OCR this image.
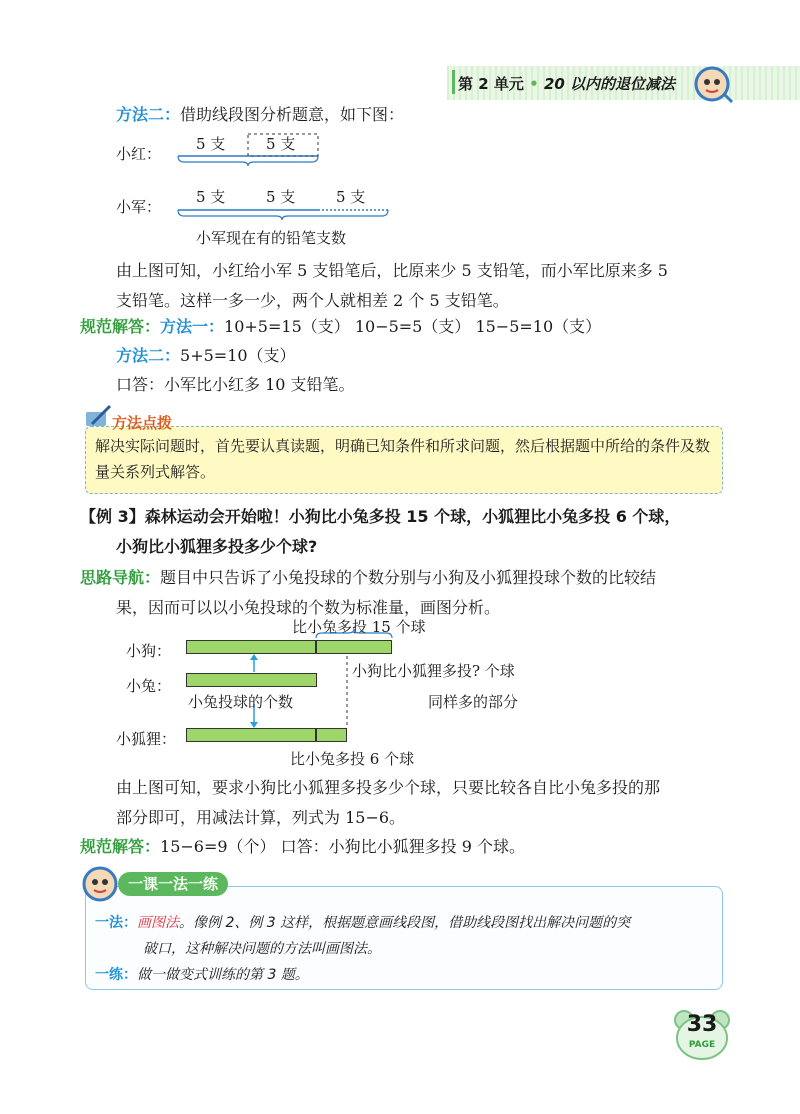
第 2 单元 • 20 以内的退位减法
方法二：借助线段图分析题意，如下图：
小红：
小军：
5 支	5 支
5 支	5 支	5 支
小军现在有的铅笔支数
由上图可知，小红给小军 5 支铅笔后，比原来少 5 支铅笔，而小军比原来多 5
支铅笔。这样一多一少，两个人就相差 2 个 5 支铅笔。
规范解答：方法一：10+5=15（支） 10−5=5（支） 15−5=10（支）
方法二：5+5=10（支）
口答：小军比小红多 10 支铅笔。
方法点拨
解决实际问题时，首先要认真读题，明确已知条件和所求问题，然后根据题中所给的条件及数量关系列式解答。
【例 3】森林运动会开始啦！小狗比小兔多投 15 个球，小狐狸比小兔多投 6 个球，
小狗比小狐狸多投多少个球?
思路导航：题目中只告诉了小兔投球的个数分别与小狗及小狐狸投球个数的比较结
果，因而可以以小兔投球的个数为标准量，画图分析。
比小兔多投 15 个球
小狗：
小兔：
小狐狸：
小狗比小狐狸多投? 个球
小兔投球的个数	同样多的部分
比小兔多投 6 个球
由上图可知，要求小狗比小狐狸多投多少个球，只要比较各自比小兔多投的那
部分即可，用减法计算，列式为 15−6。
规范解答：15−6=9（个） 口答：小狗比小狐狸多投 9 个球。
一课一法一练
一法：画图法。像例 2、例 3 这样，根据题意画线段图，借助线段图找出解决问题的突
破口，这种解决问题的方法叫画图法。
一练：做一做变式训练的第 3 题。
33
PAGE
